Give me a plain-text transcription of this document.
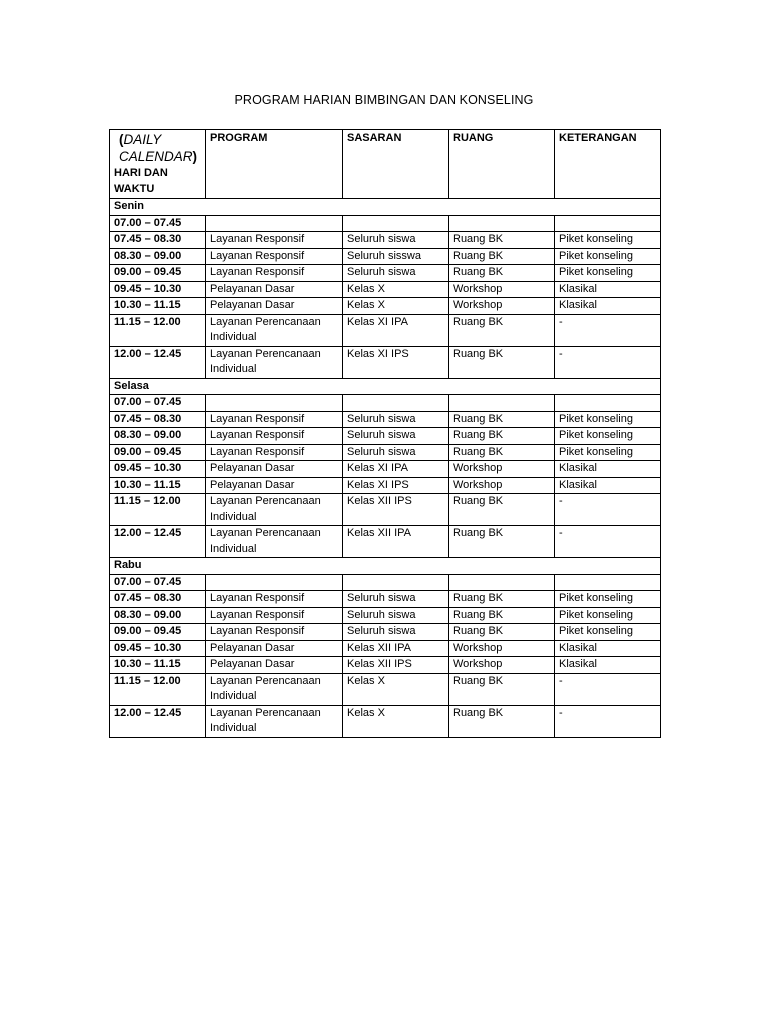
PROGRAM HARIAN BIMBINGAN DAN KONSELING
(DAILY
CALENDAR)
HARI DAN WAKTU	PROGRAM	SASARAN	RUANG	KETERANGAN
Senin				
07.00 – 07.45				
07.45 – 08.30	Layanan Responsif	Seluruh siswa	Ruang BK	Piket konseling
08.30 – 09.00	Layanan Responsif	Seluruh sisswa	Ruang BK	Piket konseling
09.00 – 09.45	Layanan Responsif	Seluruh siswa	Ruang BK	Piket konseling
09.45 – 10.30	Pelayanan Dasar	Kelas X	Workshop	Klasikal
10.30 – 11.15	Pelayanan Dasar	Kelas X	Workshop	Klasikal
11.15 – 12.00	Layanan Perencanaan Individual	Kelas XI IPA	Ruang BK	-
12.00 – 12.45	Layanan Perencanaan Individual	Kelas XI IPS	Ruang BK	-
Selasa				
07.00 – 07.45				
07.45 – 08.30	Layanan Responsif	Seluruh siswa	Ruang BK	Piket konseling
08.30 – 09.00	Layanan Responsif	Seluruh siswa	Ruang BK	Piket konseling
09.00 – 09.45	Layanan Responsif	Seluruh siswa	Ruang BK	Piket konseling
09.45 – 10.30	Pelayanan Dasar	Kelas XI IPA	Workshop	Klasikal
10.30 – 11.15	Pelayanan Dasar	Kelas XI IPS	Workshop	Klasikal
11.15 – 12.00	Layanan Perencanaan Individual	Kelas XII IPS	Ruang BK	-
12.00 – 12.45	Layanan Perencanaan Individual	Kelas XII IPA	Ruang BK	-
Rabu				
07.00 – 07.45				
07.45 – 08.30	Layanan Responsif	Seluruh siswa	Ruang BK	Piket konseling
08.30 – 09.00	Layanan Responsif	Seluruh siswa	Ruang BK	Piket konseling
09.00 – 09.45	Layanan Responsif	Seluruh siswa	Ruang BK	Piket konseling
09.45 – 10.30	Pelayanan Dasar	Kelas XII IPA	Workshop	Klasikal
10.30 – 11.15	Pelayanan Dasar	Kelas XII IPS	Workshop	Klasikal
11.15 – 12.00	Layanan Perencanaan Individual	Kelas X	Ruang BK	-
12.00 – 12.45	Layanan Perencanaan Individual	Kelas X	Ruang BK	-
